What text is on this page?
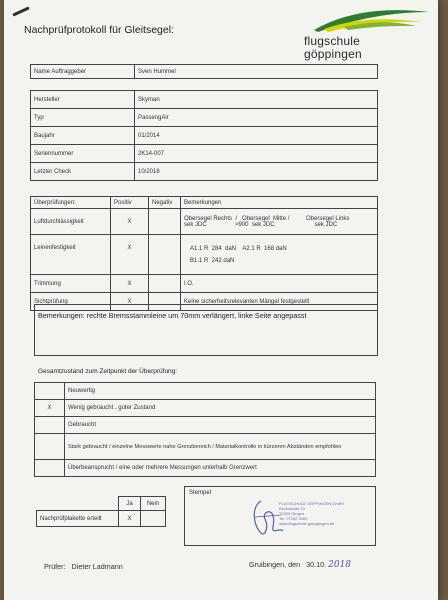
Nachprüfprotokoll für Gleitsegel:
flugschule
göppingen
Name Auftraggeber	Sven Hummel
Hersteller	Skyman
Typ	PassengAir
Baujahr	01/2014
Seriennummer	2K14-007
Letzter Check	10/2016
Überprüfungen:	Positiv	Negativ	Bemerkungen
Luftdurchlässigkeit	X		Obersegel Rechts  /   Obersegel  Mitte /          Obersegel Links
sek JDC                 >900  sek JDC                        sek JDC

Leinenfestigkeit	X		A1.1 R  284  daN    A2.1 R  168 daN
B1.1 R  242 daN

Trimmung	X		I.O.
Sichtprüfung	X		Keine sicherheitsrelevanten Mängel festgestellt
Bemerkungen: rechte Bremsstammleine um 70mm verlängert, linke Seite angepasst
Gesamtzustand zum Zeitpunkt der Überprüfung:
	Neuwertig
X	Wenig gebraucht , guter Zustand
	Gebraucht
	Stark gebraucht / einzelne Messwerte nahe Grenzbereich / Materialkontrolle in kürzeren Abständen empfohlen
	Überbeansprucht / eine oder mehrere Messungen unterhalb Grenzwert
	Ja	Nein
Nachprüfplakette erteilt	X	
Stempel
FLUGSCHULE GÖPPINGEN GmbH
Kirchstraße 10
73333 Gingen
Tel. 07162 9460
www.flugschule-goeppingen.de
Prüfer:   Dieter Ladmann	Gruibingen, den   30.10. 2018
